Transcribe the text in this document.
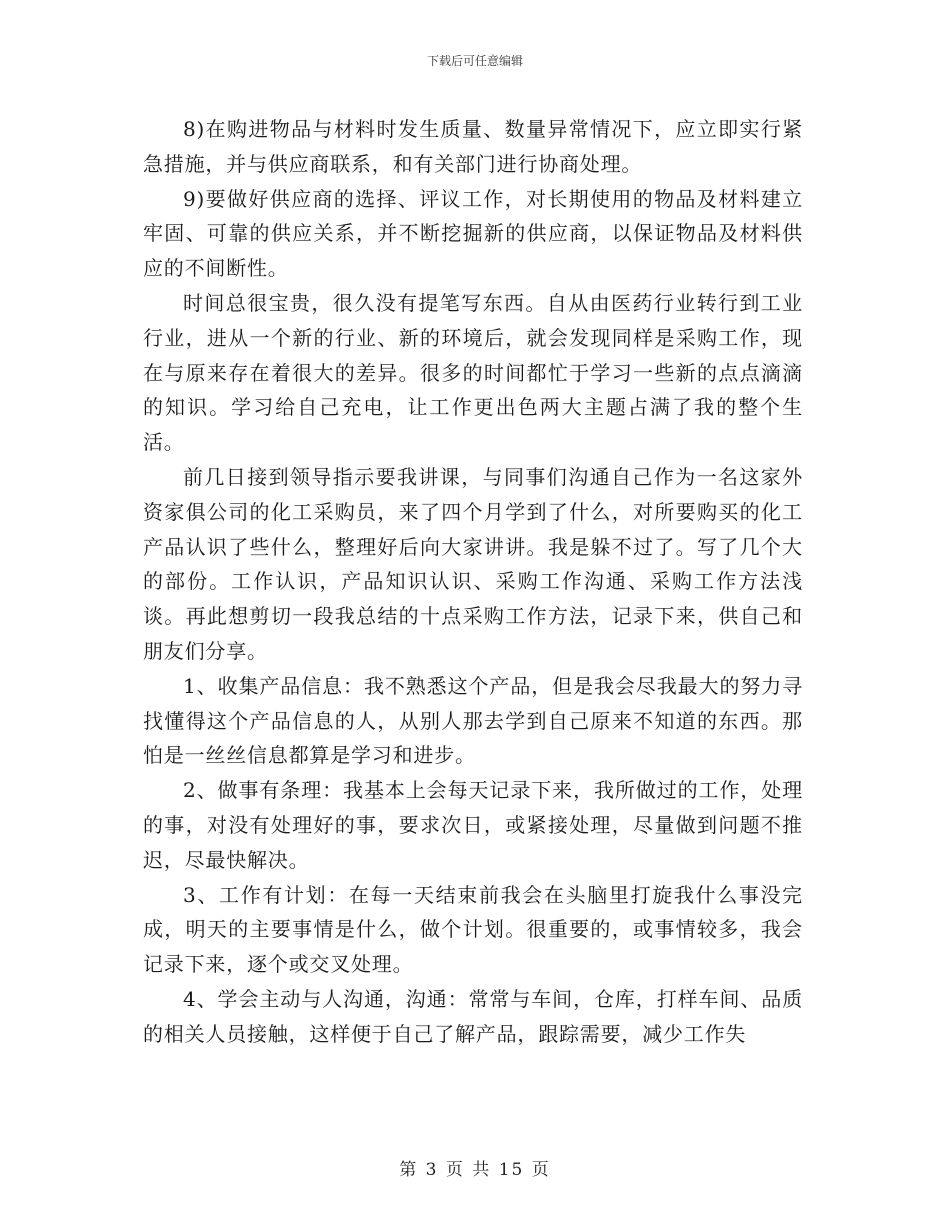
下载后可任意编辑

8)在购进物品与材料时发生质量、数量异常情况下，应立即实行紧急措施，并与供应商联系，和有关部门进行协商处理。

9)要做好供应商的选择、评议工作，对长期使用的物品及材料建立牢固、可靠的供应关系，并不断挖掘新的供应商，以保证物品及材料供应的不间断性。

时间总很宝贵，很久没有提笔写东西。自从由医药行业转行到工业行业，进从一个新的行业、新的环境后，就会发现同样是采购工作，现在与原来存在着很大的差异。很多的时间都忙于学习一些新的点点滴滴的知识。学习给自己充电，让工作更出色两大主题占满了我的整个生活。

前几日接到领导指示要我讲课，与同事们沟通自己作为一名这家外资家俱公司的化工采购员，来了四个月学到了什么，对所要购买的化工产品认识了些什么，整理好后向大家讲讲。我是躲不过了。写了几个大的部份。工作认识，产品知识认识、采购工作沟通、采购工作方法浅谈。再此想剪切一段我总结的十点采购工作方法，记录下来，供自己和朋友们分享。

1、收集产品信息：我不熟悉这个产品，但是我会尽我最大的努力寻找懂得这个产品信息的人，从别人那去学到自己原来不知道的东西。那怕是一丝丝信息都算是学习和进步。

2、做事有条理：我基本上会每天记录下来，我所做过的工作，处理的事，对没有处理好的事，要求次日，或紧接处理，尽量做到问题不推迟，尽最快解决。

3、工作有计划：在每一天结束前我会在头脑里打旋我什么事没完成，明天的主要事情是什么，做个计划。很重要的，或事情较多，我会记录下来，逐个或交叉处理。

4、学会主动与人沟通，沟通：常常与车间，仓库，打样车间、品质的相关人员接触，这样便于自己了解产品，跟踪需要，减少工作失

第 3 页 共 15 页
